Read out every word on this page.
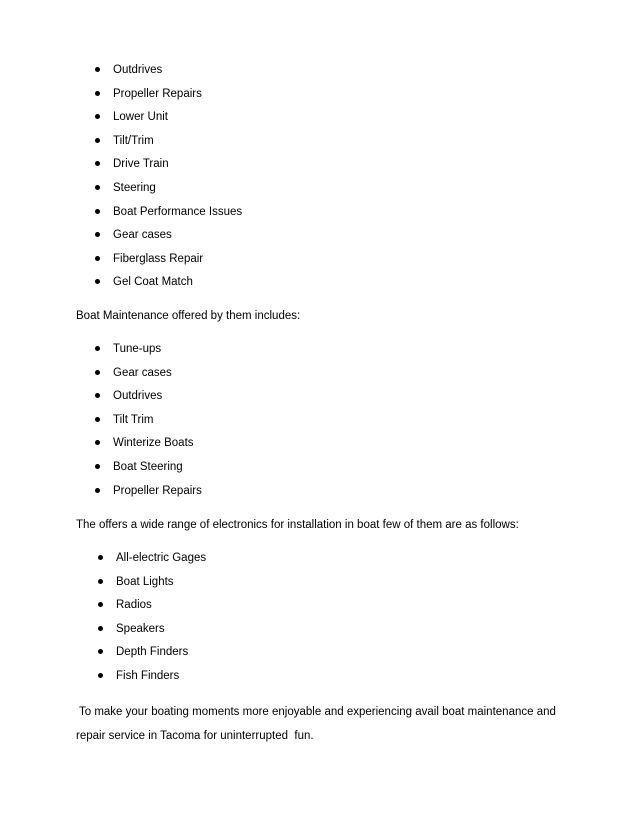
Outdrives
Propeller Repairs
Lower Unit
Tilt/Trim
Drive Train
Steering
Boat Performance Issues
Gear cases
Fiberglass Repair
Gel Coat Match
Boat Maintenance offered by them includes:
Tune-ups
Gear cases
Outdrives
Tilt Trim
Winterize Boats
Boat Steering
Propeller Repairs
The offers a wide range of electronics for installation in boat few of them are as follows:
All-electric Gages
Boat Lights
Radios
Speakers
Depth Finders
Fish Finders
To make your boating moments more enjoyable and experiencing avail boat maintenance and
repair service in Tacoma for uninterrupted  fun.
